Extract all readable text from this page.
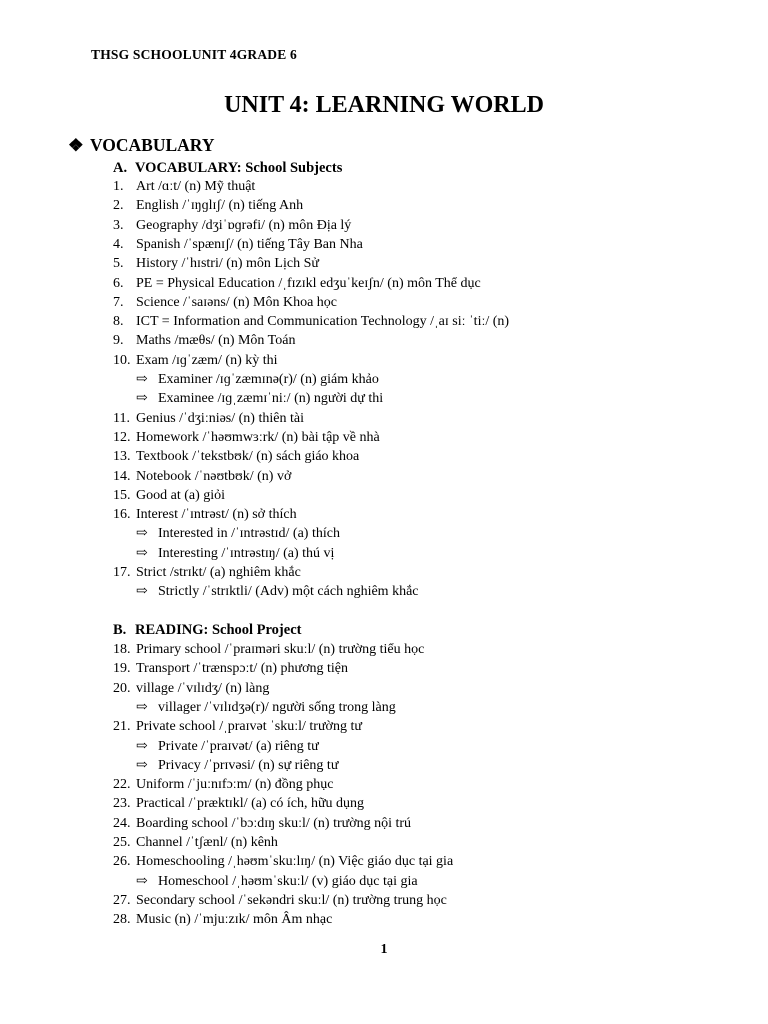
THSG SCHOOLUNIT 4GRADE 6
UNIT 4: LEARNING WORLD
❖ VOCABULARY
A. VOCABULARY: School Subjects
1. Art /ɑːt/ (n) Mỹ thuật
2. English /ˈɪŋɡlɪʃ/ (n) tiếng Anh
3. Geography /dʒiˈɒɡrəfi/ (n) môn Địa lý
4. Spanish /ˈspænɪʃ/ (n) tiếng Tây Ban Nha
5. History /ˈhɪstri/ (n) môn Lịch Sử
6. PE = Physical Education /ˌfɪzɪkl edʒuˈkeɪʃn/ (n) môn Thể dục
7. Science /ˈsaɪəns/ (n) Môn Khoa học
8. ICT = Information and Communication Technology /ˌaɪ siː ˈtiː/ (n)
9. Maths /mæθs/ (n) Môn Toán
10. Exam /ɪɡˈzæm/ (n) kỳ thi
⇨ Examiner /ɪɡˈzæmɪnə(r)/ (n) giám khảo
⇨ Examinee /ɪɡˌzæmɪˈniː/ (n) người dự thi
11. Genius /ˈdʒiːniəs/ (n) thiên tài
12. Homework /ˈhəʊmwɜːrk/ (n) bài tập về nhà
13. Textbook /ˈtekstbʊk/ (n) sách giáo khoa
14. Notebook /ˈnəʊtbʊk/ (n) vở
15. Good at (a) giỏi
16. Interest /ˈɪntrəst/ (n) sở thích
⇨ Interested in /ˈɪntrəstɪd/ (a) thích
⇨ Interesting /ˈɪntrəstɪŋ/ (a) thú vị
17. Strict /strɪkt/ (a) nghiêm khắc
⇨ Strictly /ˈstrɪktli/ (Adv) một cách nghiêm khắc
B. READING: School Project
18. Primary school /ˈpraɪməri skuːl/ (n) trường tiểu học
19. Transport /ˈtrænspɔːt/ (n) phương tiện
20. village /ˈvɪlɪdʒ/ (n) làng
⇨ villager /ˈvɪlɪdʒə(r)/ người sống trong làng
21. Private school /ˌpraɪvət ˈskuːl/ trường tư
⇨ Private /ˈpraɪvət/ (a) riêng tư
⇨ Privacy /ˈprɪvəsi/ (n) sự riêng tư
22. Uniform /ˈjuːnɪfɔːm/ (n) đồng phục
23. Practical /ˈpræktɪkl/ (a) có ích, hữu dụng
24. Boarding school /ˈbɔːdɪŋ skuːl/ (n) trường nội trú
25. Channel /ˈtʃænl/ (n) kênh
26. Homeschooling /ˌhəʊmˈskuːlɪŋ/ (n) Việc giáo dục tại gia
⇨ Homeschool /ˌhəʊmˈskuːl/ (v) giáo dục tại gia
27. Secondary school /ˈsekəndri skuːl/ (n) trường trung học
28. Music (n) /ˈmjuːzɪk/ môn Âm nhạc
1
